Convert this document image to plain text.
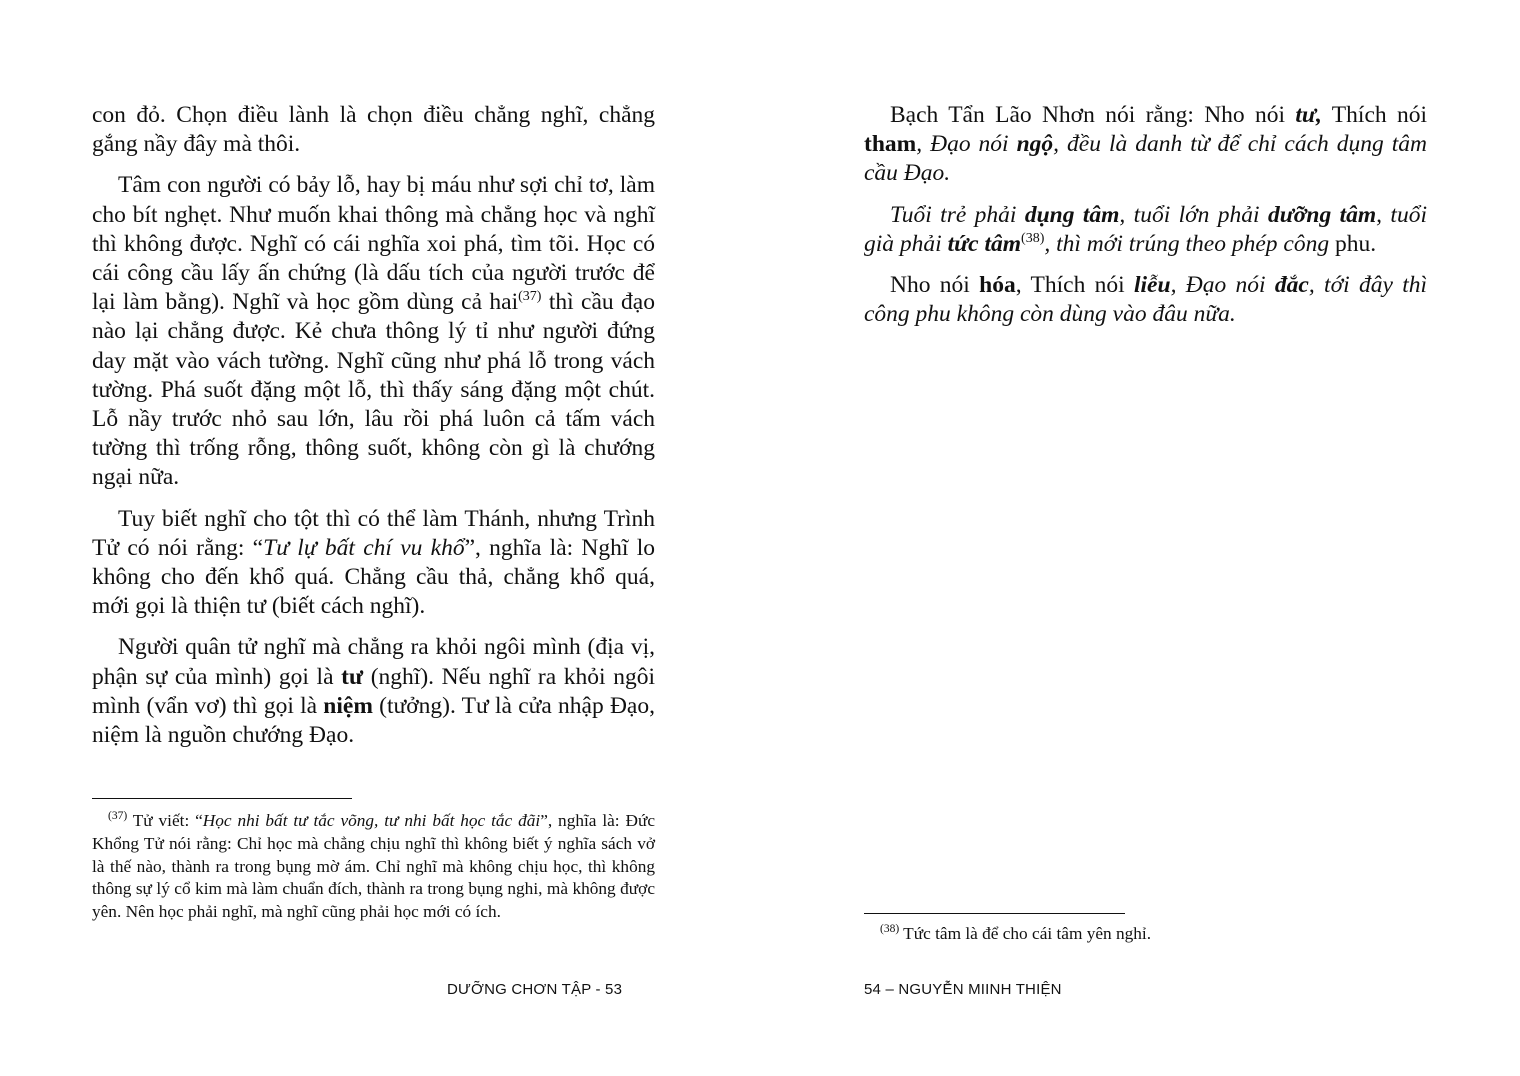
con đỏ. Chọn điều lành là chọn điều chẳng nghĩ, chẳng gắng nầy đây mà thôi.

Tâm con người có bảy lỗ, hay bị máu như sợi chỉ tơ, làm cho bít nghẹt. Như muốn khai thông mà chẳng học và nghĩ thì không được. Nghĩ có cái nghĩa xoi phá, tìm tõi. Học có cái công cầu lấy ấn chứng (là dấu tích của người trước để lại làm bằng). Nghĩ và học gồm dùng cả hai$^{(37)}$ thì cầu đạo nào lại chẳng được. Kẻ chưa thông lý tỉ như người đứng day mặt vào vách tường. Nghĩ cũng như phá lỗ trong vách tường. Phá suốt đặng một lỗ, thì thấy sáng đặng một chút. Lỗ nầy trước nhỏ sau lớn, lâu rồi phá luôn cả tấm vách tường thì trống rỗng, thông suốt, không còn gì là chướng ngại nữa.

Tuy biết nghĩ cho tột thì có thể làm Thánh, nhưng Trình Tử có nói rằng: “Tư lự bất chí vu khổ”, nghĩa là: Nghĩ lo không cho đến khổ quá. Chẳng cầu thả, chẳng khổ quá, mới gọi là thiện tư (biết cách nghĩ).

Người quân tử nghĩ mà chẳng ra khỏi ngôi mình (địa vị, phận sự của mình) gọi là tư (nghĩ). Nếu nghĩ ra khỏi ngôi mình (vẩn vơ) thì gọi là niệm (tưởng). Tư là cửa nhập Đạo, niệm là nguồn chướng Đạo.

$^{(37)}$ Tử viết: “Học nhi bất tư tắc võng, tư nhi bất học tắc đãi”, nghĩa là: Đức Khổng Tử nói rằng: Chỉ học mà chẳng chịu nghĩ thì không biết ý nghĩa sách vở là thế nào, thành ra trong bụng mờ ám. Chỉ nghĩ mà không chịu học, thì không thông sự lý cổ kim mà làm chuẩn đích, thành ra trong bụng nghi, mà không được yên. Nên học phải nghĩ, mà nghĩ cũng phải học mới có ích.

DƯỠNG CHƠN TẬP - 53

Bạch Tẩn Lão Nhơn nói rằng: Nho nói tư, Thích nói tham, Đạo nói ngộ, đều là danh từ để chỉ cách dụng tâm cầu Đạo.

Tuổi trẻ phải dụng tâm, tuổi lớn phải dưỡng tâm, tuổi già phải tức tâm$^{(38)}$, thì mới trúng theo phép công phu.

Nho nói hóa, Thích nói liễu, Đạo nói đắc, tới đây thì công phu không còn dùng vào đâu nữa.

$^{(38)}$ Tức tâm là để cho cái tâm yên nghỉ.

54 – NGUYỄN MIINH THIỆN
